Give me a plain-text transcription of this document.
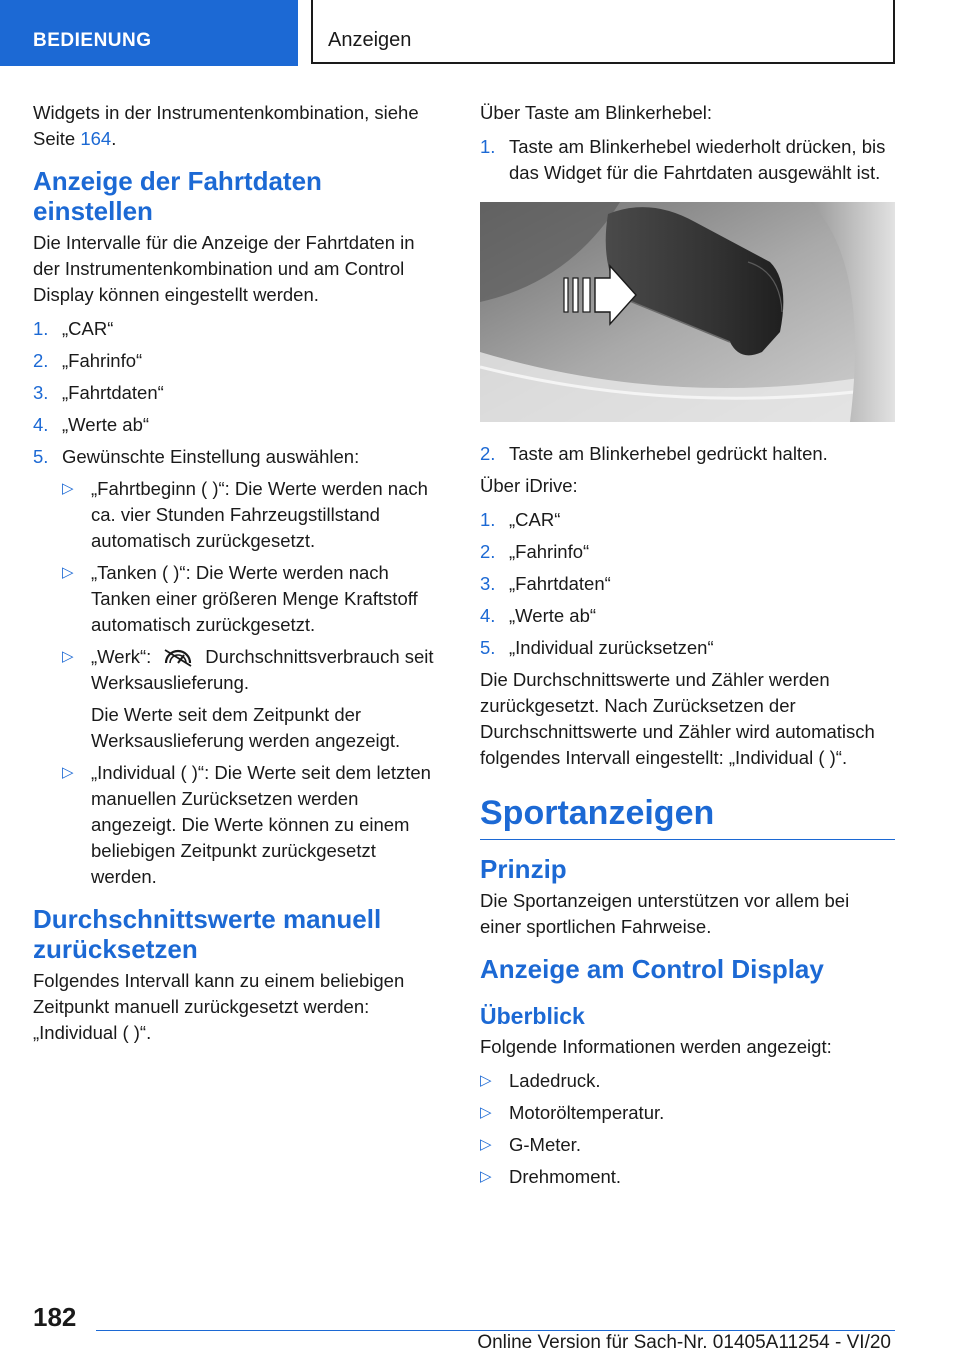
BEDIENUNG	Anzeigen

Widgets in der Instrumentenkombination, siehe Seite 164.

Anzeige der Fahrtdaten einstellen

Die Intervalle für die Anzeige der Fahrtdaten in der Instrumentenkombination und am Control Display können eingestellt werden.

1. „CAR“
2. „Fahrinfo“
3. „Fahrtdaten“
4. „Werte ab“
5. Gewünschte Einstellung auswählen:
▷ „Fahrtbeginn ( )“: Die Werte werden nach ca. vier Stunden Fahrzeugstillstand automatisch zurückgesetzt.
▷ „Tanken ( )“: Die Werte werden nach Tanken einer größeren Menge Kraftstoff automatisch zurückgesetzt.
▷ „Werk“:	Durchschnittsverbrauch seit Werksauslieferung.

Die Werte seit dem Zeitpunkt der Werksauslieferung werden angezeigt.

▷ „Individual ( )“: Die Werte seit dem letzten manuellen Zurücksetzen werden angezeigt. Die Werte können zu einem beliebigen Zeitpunkt zurückgesetzt werden.
Durchschnittswerte manuell zurücksetzen

Folgendes Intervall kann zu einem beliebigen Zeitpunkt manuell zurückgesetzt werden: „Individual ( )“.

Über Taste am Blinkerhebel:

1. Taste am Blinkerhebel wiederholt drücken, bis das Widget für die Fahrtdaten ausgewählt ist.
2. Taste am Blinkerhebel gedrückt halten.

Über iDrive:

1. „CAR“
2. „Fahrinfo“
3. „Fahrtdaten“
4. „Werte ab“
5. „Individual zurücksetzen“

Die Durchschnittswerte und Zähler werden zurückgesetzt. Nach Zurücksetzen der Durchschnittswerte und Zähler wird automatisch folgendes Intervall eingestellt: „Individual ( )“.

Sportanzeigen
Prinzip

Die Sportanzeigen unterstützen vor allem bei einer sportlichen Fahrweise.

Anzeige am Control Display
Überblick

Folgende Informationen werden angezeigt:

▷ Ladedruck.
▷ Motoröltemperatur.
▷ G-Meter.
▷ Drehmoment.
182
Online Version für Sach-Nr. 01405A11254 - VI/20
